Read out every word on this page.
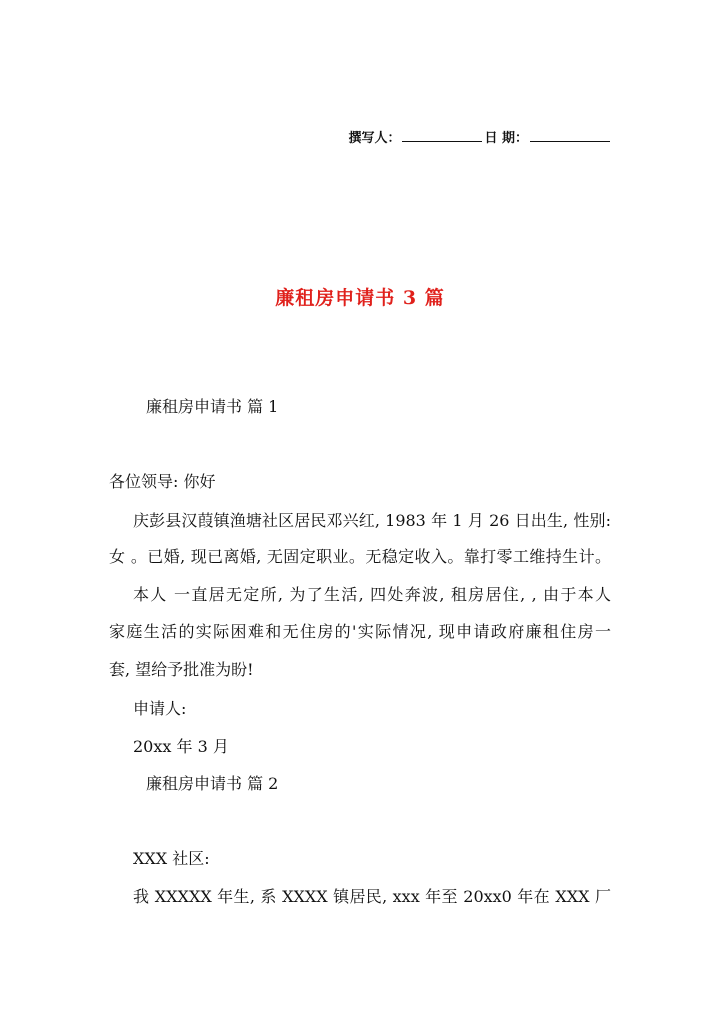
撰写人：	日 期：
廉租房申请书 3 篇
廉租房申请书 篇 1
各位领导: 你好
庆彭县汉葭镇渔塘社区居民邓兴红, 1983 年 1 月 26 日出生, 性别:
女 。已婚, 现已离婚, 无固定职业。无稳定收入。靠打零工维持生计。
本人 一直居无定所, 为了生活, 四处奔波, 租房居住, , 由于本人
家庭生活的实际困难和无住房的'实际情况, 现申请政府廉租住房一
套, 望给予批准为盼!
申请人:
20xx 年 3 月
廉租房申请书 篇 2
XXX 社区:
我 XXXXX 年生, 系 XXXX 镇居民, xxx 年至 20xx0 年在 XXX 厂
